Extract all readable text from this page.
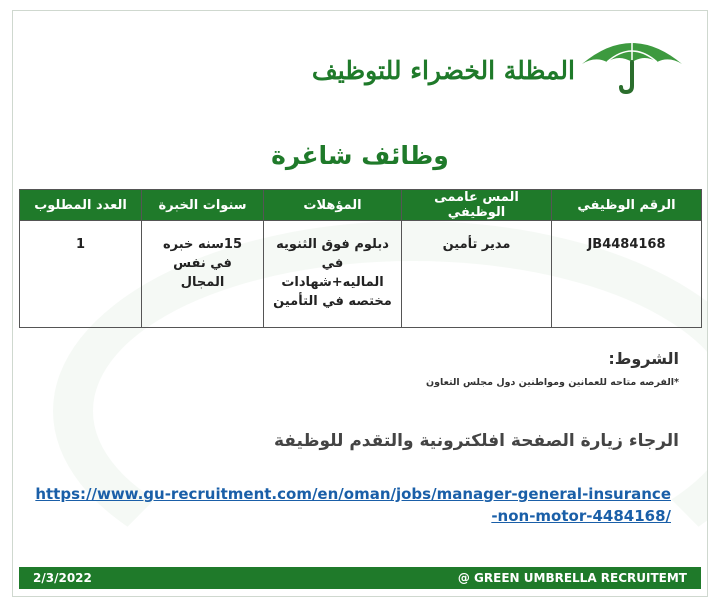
المظلة الخضراء للتوظيف
وظائف شاغرة
الرقم الوظيفي	المس عاممى الوظيفي	المؤهلات	سنوات الخبرة	العدد المطلوب
JB4484168	مدير تأمين	دبلوم فوق الثنويه في الماليه+شهادات مختصه في التأمين	15سنه خبره في نفس المجال	1
الشروط:
*الفرصه متاحه للعمانين ومواطنين دول مجلس التعاون
الرجاء زيارة الصفحة افلكترونية والتقدم للوظيفة
https://www.gu-recruitment.com/en/oman/jobs/manager-general-insurance-non-motor-4484168/
2/3/2022	@ GREEN UMBRELLA RECRUITEMT
